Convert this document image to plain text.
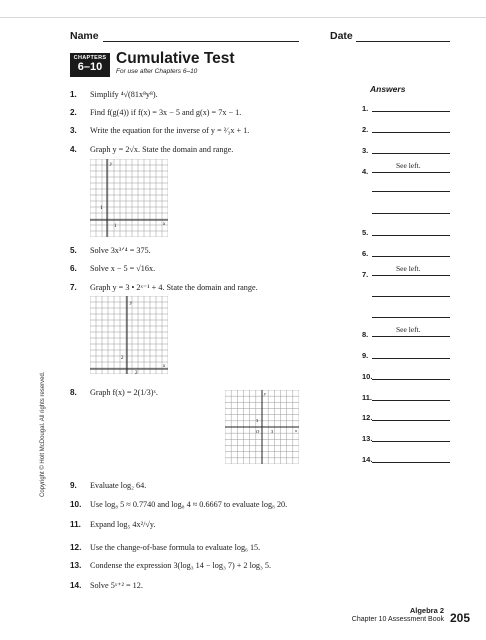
Name	Date
CHAPTERS
6–10 Cumulative Test
For use after Chapters 6–10
1. Simplify ⁴√(81x⁸y⁸).
2. Find f(g(4)) if f(x) = 3x − 5 and g(x) = 7x − 1.
3. Write the equation for the inverse of y = ²⁄₃x + 1.
4. Graph y = 2√x. State the domain and range.
5. Solve 3x³ᐟ⁴ = 375.
6. Solve x − 5 = √16x.
7. Graph y = 3 • 2ˣ⁻¹ + 4. State the domain and range.
8. Graph f(x) = 2(1/3)ˣ.
9. Evaluate log₂ 64.
10. Use log₈ 5 ≈ 0.7740 and log₈ 4 ≈ 0.6667 to evaluate log₈ 20.
11. Expand log₅ 4x²/√y.
12. Use the change-of-base formula to evaluate log₆ 15.
13. Condense the expression 3(log₃ 14 − log₃ 7) + 2 log₃ 5.
14. Solve 5ˣ⁺² = 12.
y
x
1
1
y
x
2
2
y
x
3
O	3
Answers
1.
2.
3.
4.
See left.
5.
6.
7.
See left.
8.
See left.
9.
10.
11.
12.
13.
14.
Copyright © Holt McDougal. All rights reserved.
Algebra 2
Chapter 10 Assessment Book 205
